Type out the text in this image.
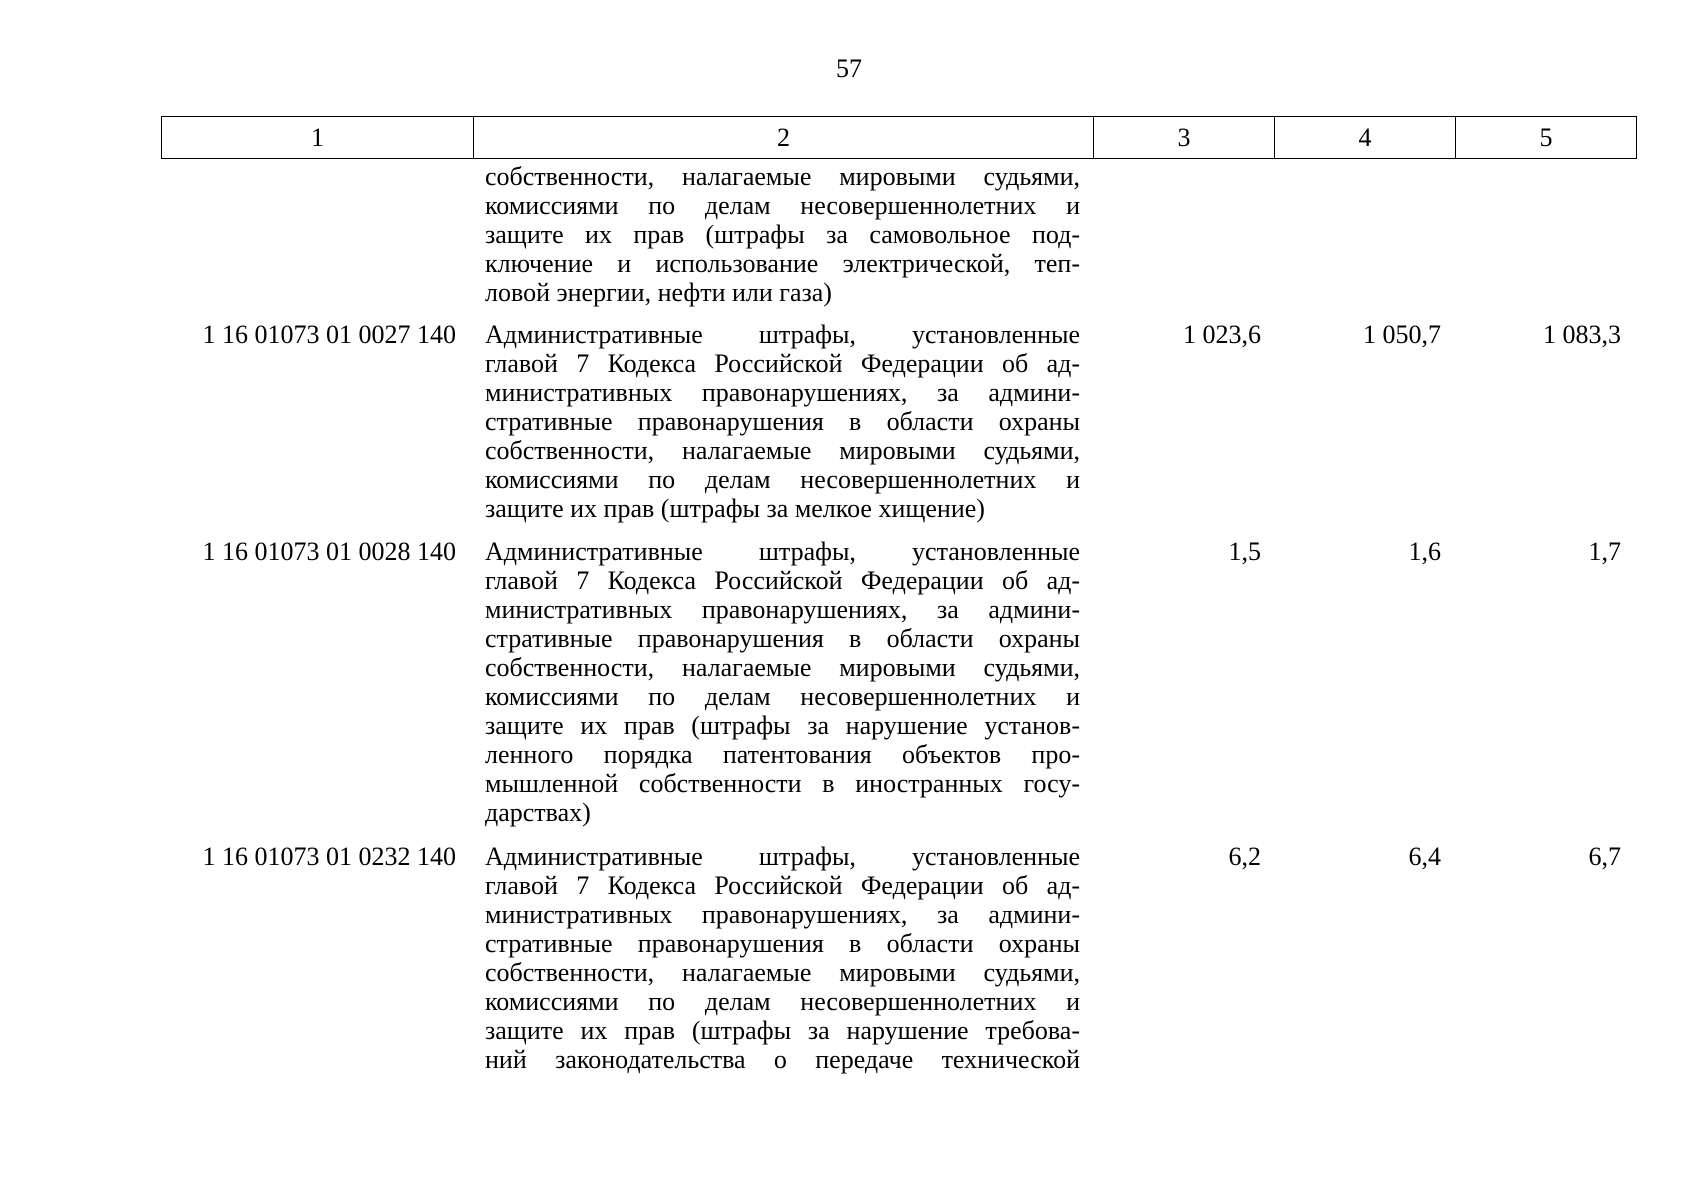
57
1	2	3	4	5
собственности, налагаемые мировыми судьями,
комиссиями по делам несовершеннолетних и
защите их прав (штрафы за самовольное под-
ключение и использование электрической, теп-
ловой энергии, нефти или газа)
1 16 01073 01 0027 140	Административные штрафы, установленные
главой 7 Кодекса Российской Федерации об ад-
министративных правонарушениях, за админи-
стративные правонарушения в области охраны
собственности, налагаемые мировыми судьями,
комиссиями по делам несовершеннолетних и
защите их прав (штрафы за мелкое хищение)
1 023,6	1 050,7	1 083,3
1 16 01073 01 0028 140	Административные штрафы, установленные
главой 7 Кодекса Российской Федерации об ад-
министративных правонарушениях, за админи-
стративные правонарушения в области охраны
собственности, налагаемые мировыми судьями,
комиссиями по делам несовершеннолетних и
защите их прав (штрафы за нарушение установ-
ленного порядка патентования объектов про-
мышленной собственности в иностранных госу-
дарствах)
1,5	1,6	1,7
1 16 01073 01 0232 140	Административные штрафы, установленные
главой 7 Кодекса Российской Федерации об ад-
министративных правонарушениях, за админи-
стративные правонарушения в области охраны
собственности, налагаемые мировыми судьями,
комиссиями по делам несовершеннолетних и
защите их прав (штрафы за нарушение требова-
ний законодательства о передаче технической
6,2	6,4	6,7
